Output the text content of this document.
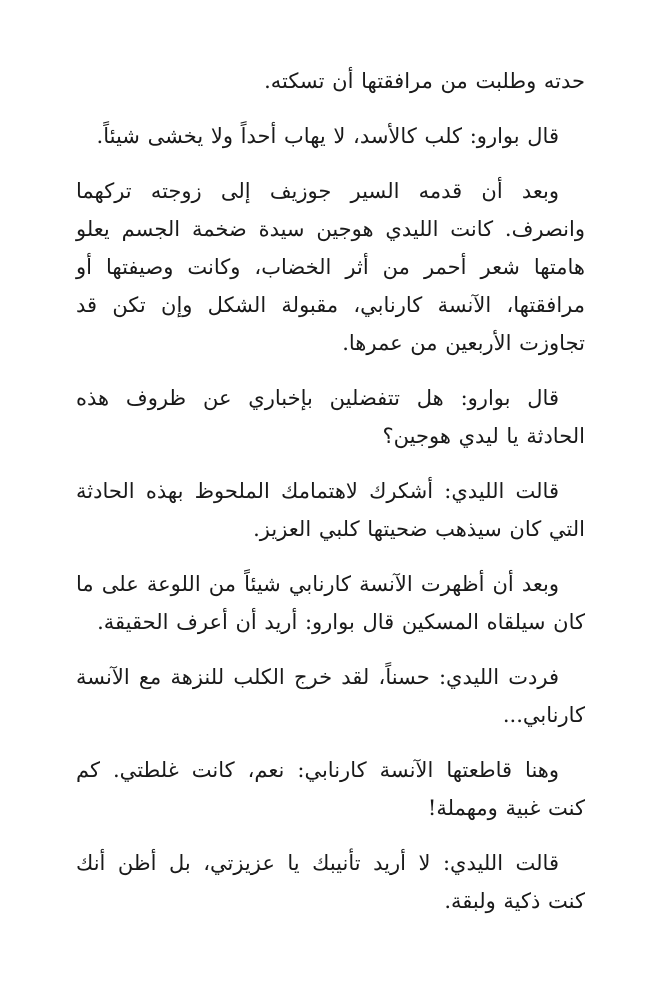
حدته وطلبت من مرافقتها أن تسكته.

قال بوارو: كلب كالأسد، لا يهاب أحداً ولا يخشى شيئاً.

وبعد أن قدمه السير جوزيف إلى زوجته تركهما وانصرف. كانت الليدي هوجين سيدة ضخمة الجسم يعلو هامتها شعر أحمر من أثر الخضاب، وكانت وصيفتها أو مرافقتها، الآنسة كارنابي، مقبولة الشكل وإن تكن قد تجاوزت الأربعين من عمرها.

قال بوارو: هل تتفضلين بإخباري عن ظروف هذه الحادثة يا ليدي هوجين؟

قالت الليدي: أشكرك لاهتمامك الملحوظ بهذه الحادثة التي كان سيذهب ضحيتها كلبي العزيز.

وبعد أن أظهرت الآنسة كارنابي شيئاً من اللوعة على ما كان سيلقاه المسكين قال بوارو: أريد أن أعرف الحقيقة.

فردت الليدي: حسناً، لقد خرج الكلب للنزهة مع الآنسة كارنابي...

وهنا قاطعتها الآنسة كارنابي: نعم، كانت غلطتي. كم كنت غبية ومهملة!

قالت الليدي: لا أريد تأنيبك يا عزيزتي، بل أظن أنك كنت ذكية ولبقة.
